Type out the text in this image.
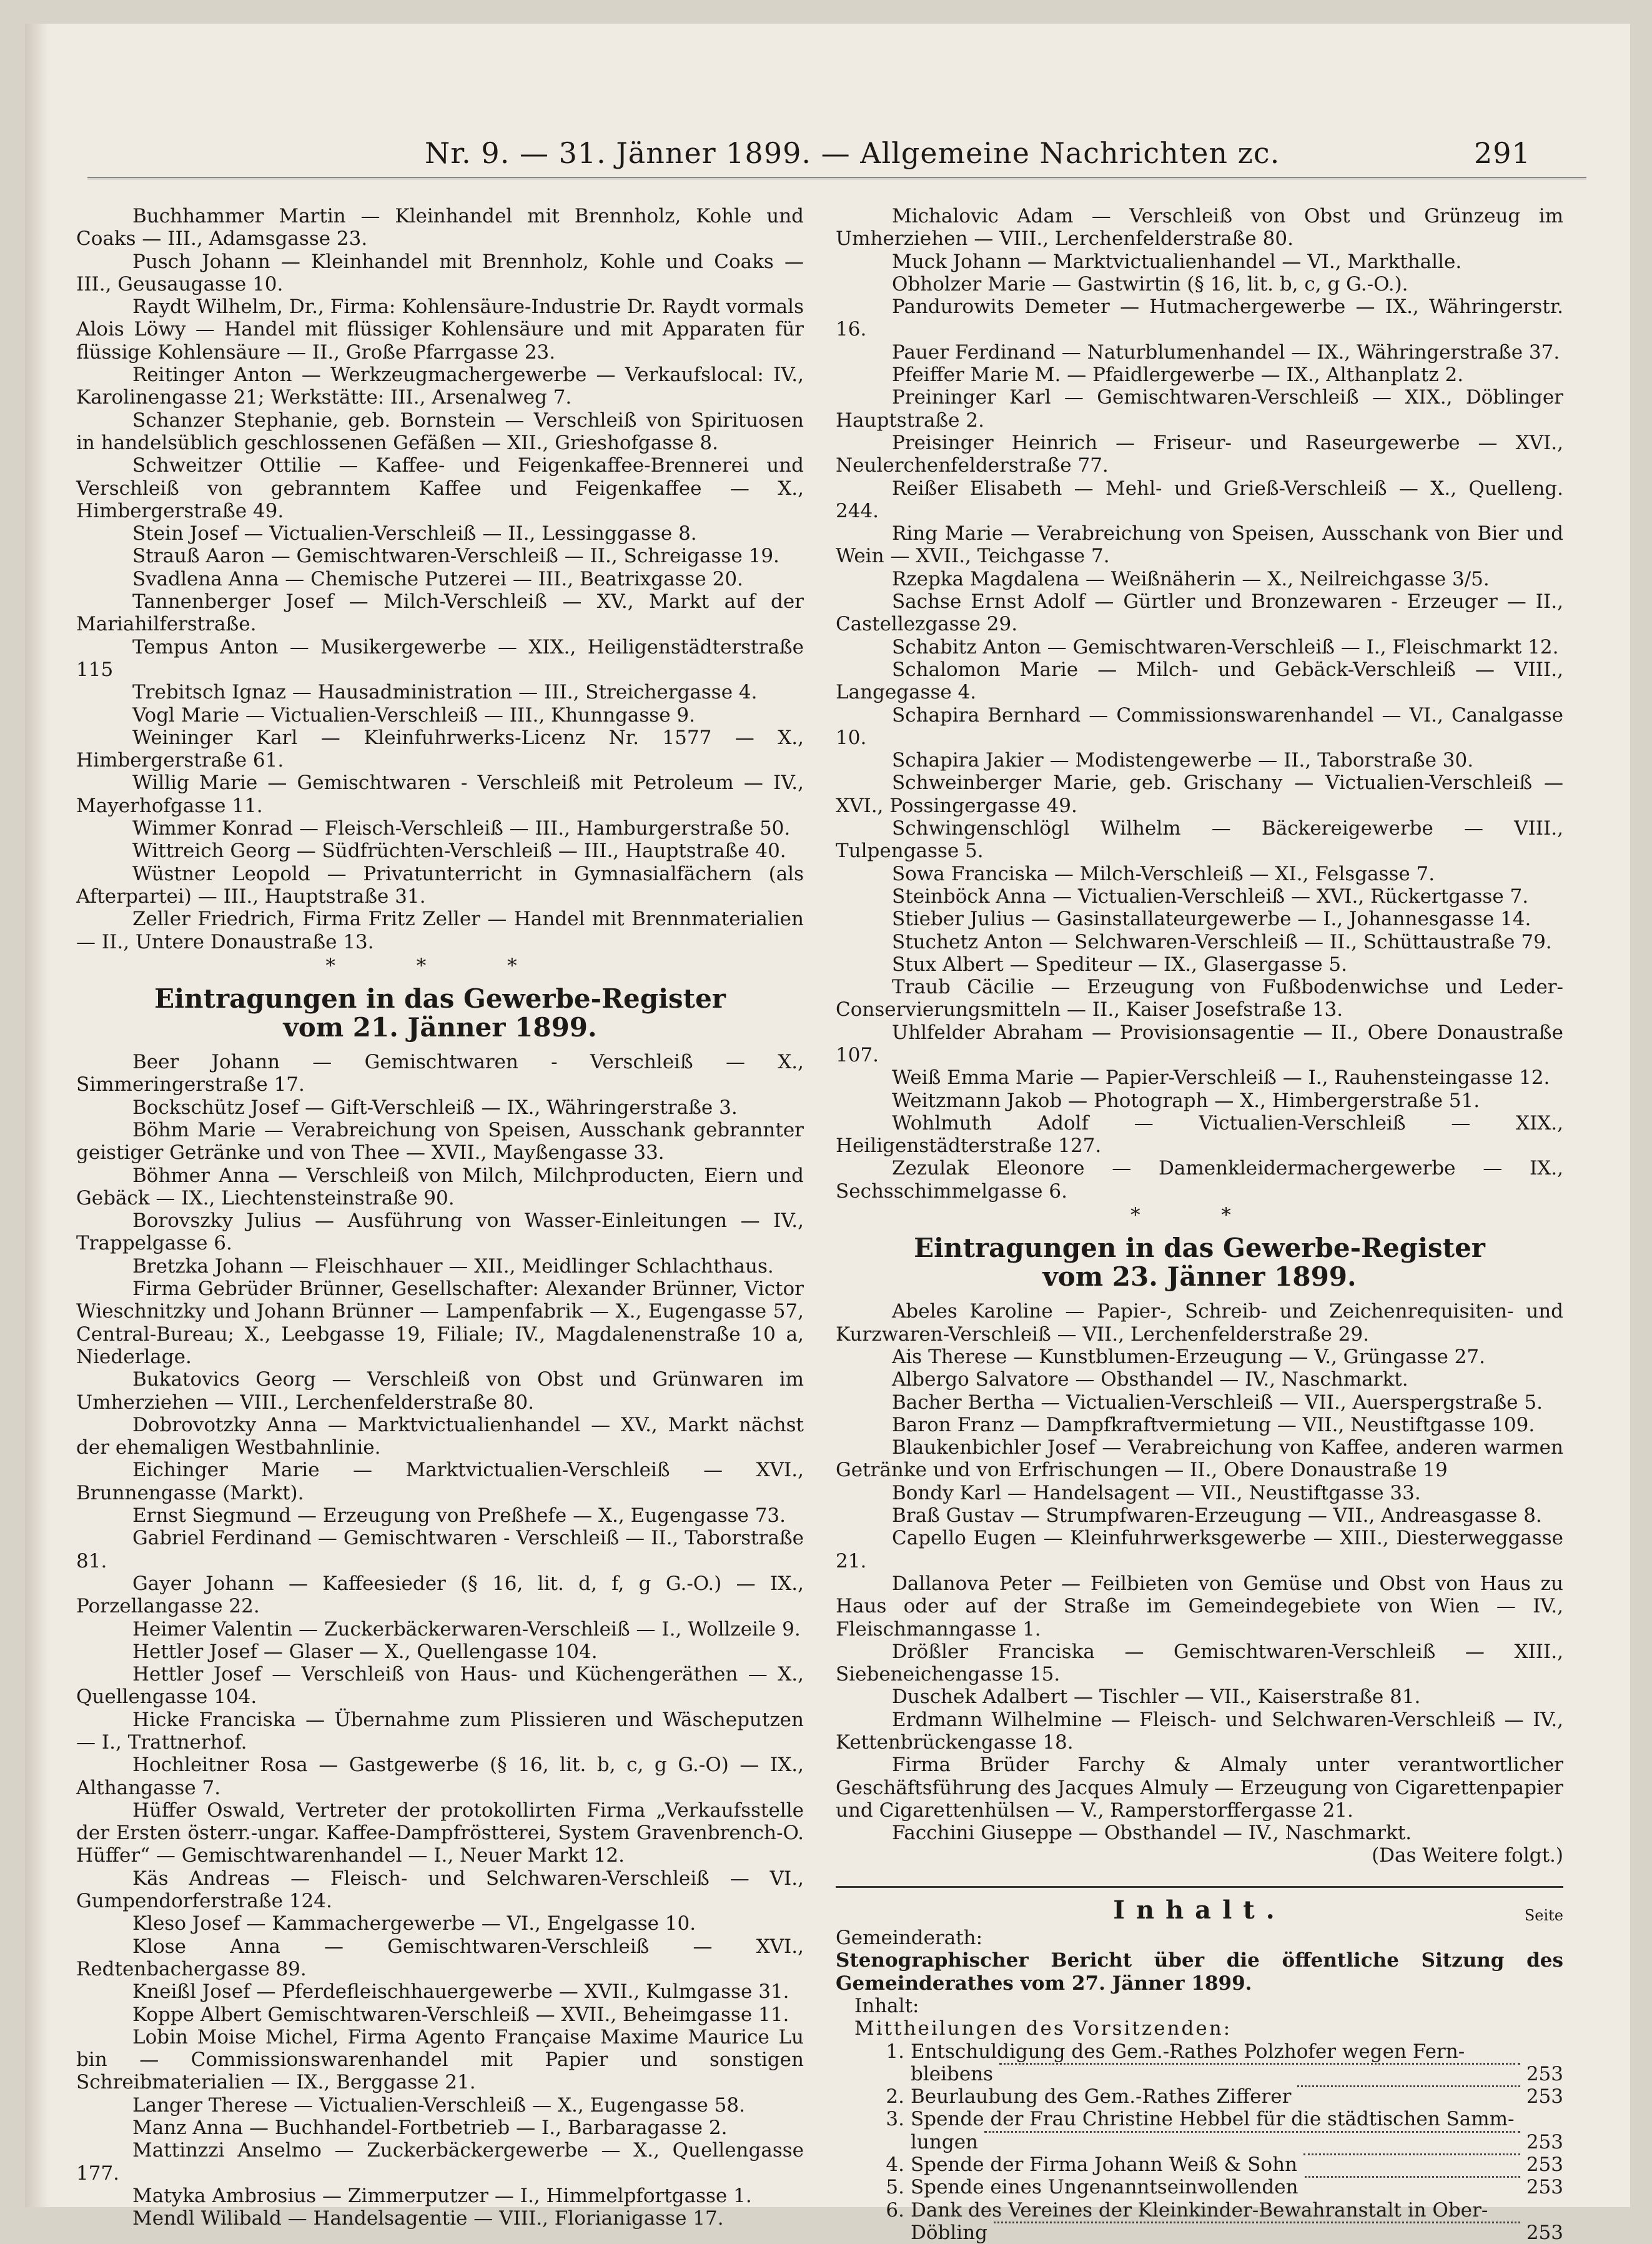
Nr. 9. — 31. Jänner 1899. — Allgemeine Nachrichten zc.	291

Buchhammer Martin — Kleinhandel mit Brennholz, Kohle und Coaks — III., Adamsgasse 23.

Pusch Johann — Kleinhandel mit Brennholz, Kohle und Coaks — III., Geusaugasse 10.

Raydt Wilhelm, Dr., Firma: Kohlensäure-Industrie Dr. Raydt vormals Alois Löwy — Handel mit flüssiger Kohlensäure und mit Apparaten für flüssige Kohlensäure — II., Große Pfarrgasse 23.

Reitinger Anton — Werkzeugmachergewerbe — Verkaufslocal: IV., Karolinengasse 21; Werkstätte: III., Arsenalweg 7.

Schanzer Stephanie, geb. Bornstein — Verschleiß von Spirituosen in handelsüblich geschlossenen Gefäßen — XII., Grieshofgasse 8.

Schweitzer Ottilie — Kaffee- und Feigenkaffee-Brennerei und Verschleiß von gebranntem Kaffee und Feigenkaffee — X., Himbergerstraße 49.

Stein Josef — Victualien-Verschleiß — II., Lessinggasse 8.

Strauß Aaron — Gemischtwaren-Verschleiß — II., Schreigasse 19.

Svadlena Anna — Chemische Putzerei — III., Beatrixgasse 20.

Tannenberger Josef — Milch-Verschleiß — XV., Markt auf der Mariahilferstraße.

Tempus Anton — Musikergewerbe — XIX., Heiligenstädterstraße 115

Trebitsch Ignaz — Hausadministration — III., Streichergasse 4.

Vogl Marie — Victualien-Verschleiß — III., Khunngasse 9.

Weininger Karl — Kleinfuhrwerks-Licenz Nr. 1577 — X., Himbergerstraße 61.

Willig Marie — Gemischtwaren - Verschleiß mit Petroleum — IV., Mayerhofgasse 11.

Wimmer Konrad — Fleisch-Verschleiß — III., Hamburgerstraße 50.

Wittreich Georg — Südfrüchten-Verschleiß — III., Hauptstraße 40.

Wüstner Leopold — Privatunterricht in Gymnasialfächern (als Afterpartei) — III., Hauptstraße 31.

Zeller Friedrich, Firma Fritz Zeller — Handel mit Brennmaterialien — II., Untere Donaustraße 13.

* * *
Eintragungen in das Gewerbe-Register
vom 21. Jänner 1899.

Beer Johann — Gemischtwaren - Verschleiß — X., Simmeringerstraße 17.

Bockschütz Josef — Gift-Verschleiß — IX., Währingerstraße 3.

Böhm Marie — Verabreichung von Speisen, Ausschank gebrannter geistiger Getränke und von Thee — XVII., Mayßengasse 33.

Böhmer Anna — Verschleiß von Milch, Milchproducten, Eiern und Gebäck — IX., Liechtensteinstraße 90.

Borovszky Julius — Ausführung von Wasser-Einleitungen — IV., Trappelgasse 6.

Bretzka Johann — Fleischhauer — XII., Meidlinger Schlachthaus.

Firma Gebrüder Brünner, Gesellschafter: Alexander Brünner, Victor Wieschnitzky und Johann Brünner — Lampenfabrik — X., Eugengasse 57, Central-Bureau; X., Leebgasse 19, Filiale; IV., Magdalenenstraße 10 a, Niederlage.

Bukatovics Georg — Verschleiß von Obst und Grünwaren im Umherziehen — VIII., Lerchenfelderstraße 80.

Dobrovotzky Anna — Marktvictualienhandel — XV., Markt nächst der ehemaligen Westbahnlinie.

Eichinger Marie — Marktvictualien-Verschleiß — XVI., Brunnengasse (Markt).

Ernst Siegmund — Erzeugung von Preßhefe — X., Eugengasse 73.

Gabriel Ferdinand — Gemischtwaren - Verschleiß — II., Taborstraße 81.

Gayer Johann — Kaffeesieder (§ 16, lit. d, f, g G.-O.) — IX., Porzellangasse 22.

Heimer Valentin — Zuckerbäckerwaren-Verschleiß — I., Wollzeile 9.

Hettler Josef — Glaser — X., Quellengasse 104.

Hettler Josef — Verschleiß von Haus- und Küchengeräthen — X., Quellengasse 104.

Hicke Franciska — Übernahme zum Plissieren und Wäscheputzen — I., Trattnerhof.

Hochleitner Rosa — Gastgewerbe (§ 16, lit. b, c, g G.-O) — IX., Althangasse 7.

Hüffer Oswald, Vertreter der protokollirten Firma „Verkaufsstelle der Ersten österr.-ungar. Kaffee-Dampfröstterei, System Gravenbrench-O. Hüffer“ — Gemischtwarenhandel — I., Neuer Markt 12.

Käs Andreas — Fleisch- und Selchwaren-Verschleiß — VI., Gumpendorferstraße 124.

Kleso Josef — Kammachergewerbe — VI., Engelgasse 10.

Klose Anna — Gemischtwaren-Verschleiß — XVI., Redtenbachergasse 89.

Kneißl Josef — Pferdefleischhauergewerbe — XVII., Kulmgasse 31.

Koppe Albert Gemischtwaren-Verschleiß — XVII., Beheimgasse 11.

Lobin Moise Michel, Firma Agento Française Maxime Maurice Lu bin — Commissionswarenhandel mit Papier und sonstigen Schreibmaterialien — IX., Berggasse 21.

Langer Therese — Victualien-Verschleiß — X., Eugengasse 58.

Manz Anna — Buchhandel-Fortbetrieb — I., Barbaragasse 2.

Mattinzzi Anselmo — Zuckerbäckergewerbe — X., Quellengasse 177.

Matyka Ambrosius — Zimmerputzer — I., Himmelpfortgasse 1.

Mendl Wilibald — Handelsagentie — VIII., Florianigasse 17.

Michalovic Adam — Verschleiß von Obst und Grünzeug im Umherziehen — VIII., Lerchenfelderstraße 80.

Muck Johann — Marktvictualienhandel — VI., Markthalle.

Obholzer Marie — Gastwirtin (§ 16, lit. b, c, g G.-O.).

Pandurowits Demeter — Hutmachergewerbe — IX., Währingerstr. 16.

Pauer Ferdinand — Naturblumenhandel — IX., Währingerstraße 37.

Pfeiffer Marie M. — Pfaidlergewerbe — IX., Althanplatz 2.

Preininger Karl — Gemischtwaren-Verschleiß — XIX., Döblinger Hauptstraße 2.

Preisinger Heinrich — Friseur- und Raseurgewerbe — XVI., Neulerchenfelderstraße 77.

Reißer Elisabeth — Mehl- und Grieß-Verschleiß — X., Quelleng. 244.

Ring Marie — Verabreichung von Speisen, Ausschank von Bier und Wein — XVII., Teichgasse 7.

Rzepka Magdalena — Weißnäherin — X., Neilreichgasse 3/5.

Sachse Ernst Adolf — Gürtler und Bronzewaren - Erzeuger — II., Castellezgasse 29.

Schabitz Anton — Gemischtwaren-Verschleiß — I., Fleischmarkt 12.

Schalomon Marie — Milch- und Gebäck-Verschleiß — VIII., Langegasse 4.

Schapira Bernhard — Commissionswarenhandel — VI., Canalgasse 10.

Schapira Jakier — Modistengewerbe — II., Taborstraße 30.

Schweinberger Marie, geb. Grischany — Victualien-Verschleiß — XVI., Possingergasse 49.

Schwingenschlögl Wilhelm — Bäckereigewerbe — VIII., Tulpengasse 5.

Sowa Franciska — Milch-Verschleiß — XI., Felsgasse 7.

Steinböck Anna — Victualien-Verschleiß — XVI., Rückertgasse 7.

Stieber Julius — Gasinstallateurgewerbe — I., Johannesgasse 14.

Stuchetz Anton — Selchwaren-Verschleiß — II., Schüttaustraße 79.

Stux Albert — Spediteur — IX., Glasergasse 5.

Traub Cäcilie — Erzeugung von Fußbodenwichse und Leder-Conservierungsmitteln — II., Kaiser Josefstraße 13.

Uhlfelder Abraham — Provisionsagentie — II., Obere Donaustraße 107.

Weiß Emma Marie — Papier-Verschleiß — I., Rauhensteingasse 12.

Weitzmann Jakob — Photograph — X., Himbergerstraße 51.

Wohlmuth Adolf — Victualien-Verschleiß — XIX., Heiligenstädterstraße 127.

Zezulak Eleonore — Damenkleidermachergewerbe — IX., Sechsschimmelgasse 6.

* *
Eintragungen in das Gewerbe-Register
vom 23. Jänner 1899.

Abeles Karoline — Papier-, Schreib- und Zeichenrequisiten- und Kurzwaren-Verschleiß — VII., Lerchenfelderstraße 29.

Ais Therese — Kunstblumen-Erzeugung — V., Grüngasse 27.

Albergo Salvatore — Obsthandel — IV., Naschmarkt.

Bacher Bertha — Victualien-Verschleiß — VII., Auerspergstraße 5.

Baron Franz — Dampfkraftvermietung — VII., Neustiftgasse 109.

Blaukenbichler Josef — Verabreichung von Kaffee, anderen warmen Getränke und von Erfrischungen — II., Obere Donaustraße 19

Bondy Karl — Handelsagent — VII., Neustiftgasse 33.

Braß Gustav — Strumpfwaren-Erzeugung — VII., Andreasgasse 8.

Capello Eugen — Kleinfuhrwerksgewerbe — XIII., Diesterweggasse 21.

Dallanova Peter — Feilbieten von Gemüse und Obst von Haus zu Haus oder auf der Straße im Gemeindegebiete von Wien — IV., Fleischmanngasse 1.

Drößler Franciska — Gemischtwaren-Verschleiß — XIII., Siebeneichengasse 15.

Duschek Adalbert — Tischler — VII., Kaiserstraße 81.

Erdmann Wilhelmine — Fleisch- und Selchwaren-Verschleiß — IV., Kettenbrückengasse 18.

Firma Brüder Farchy & Almaly unter verantwortlicher Geschäftsführung des Jacques Almuly — Erzeugung von Cigarettenpapier und Cigarettenhülsen — V., Ramperstorffergasse 21.

Facchini Giuseppe — Obsthandel — IV., Naschmarkt.

(Das Weitere folgt.)

Inhalt.	Seite

Gemeinderath:

Stenographischer Bericht über die öffentliche Sitzung des Gemeinderathes vom 27. Jänner 1899.

Inhalt:

Mittheilungen des Vorsitzenden:

1. Entschuldigung des Gem.-Rathes Polzhofer wegen Fern-
bleibens	253
2. Beurlaubung des Gem.-Rathes Zifferer	253
3. Spende der Frau Christine Hebbel für die städtischen Samm-
lungen	253
4. Spende der Firma Johann Weiß & Sohn	253
5. Spende eines Ungenanntseinwollenden	253
6. Dank des Vereines der Kleinkinder-Bewahranstalt in Ober-
Döbling	253
